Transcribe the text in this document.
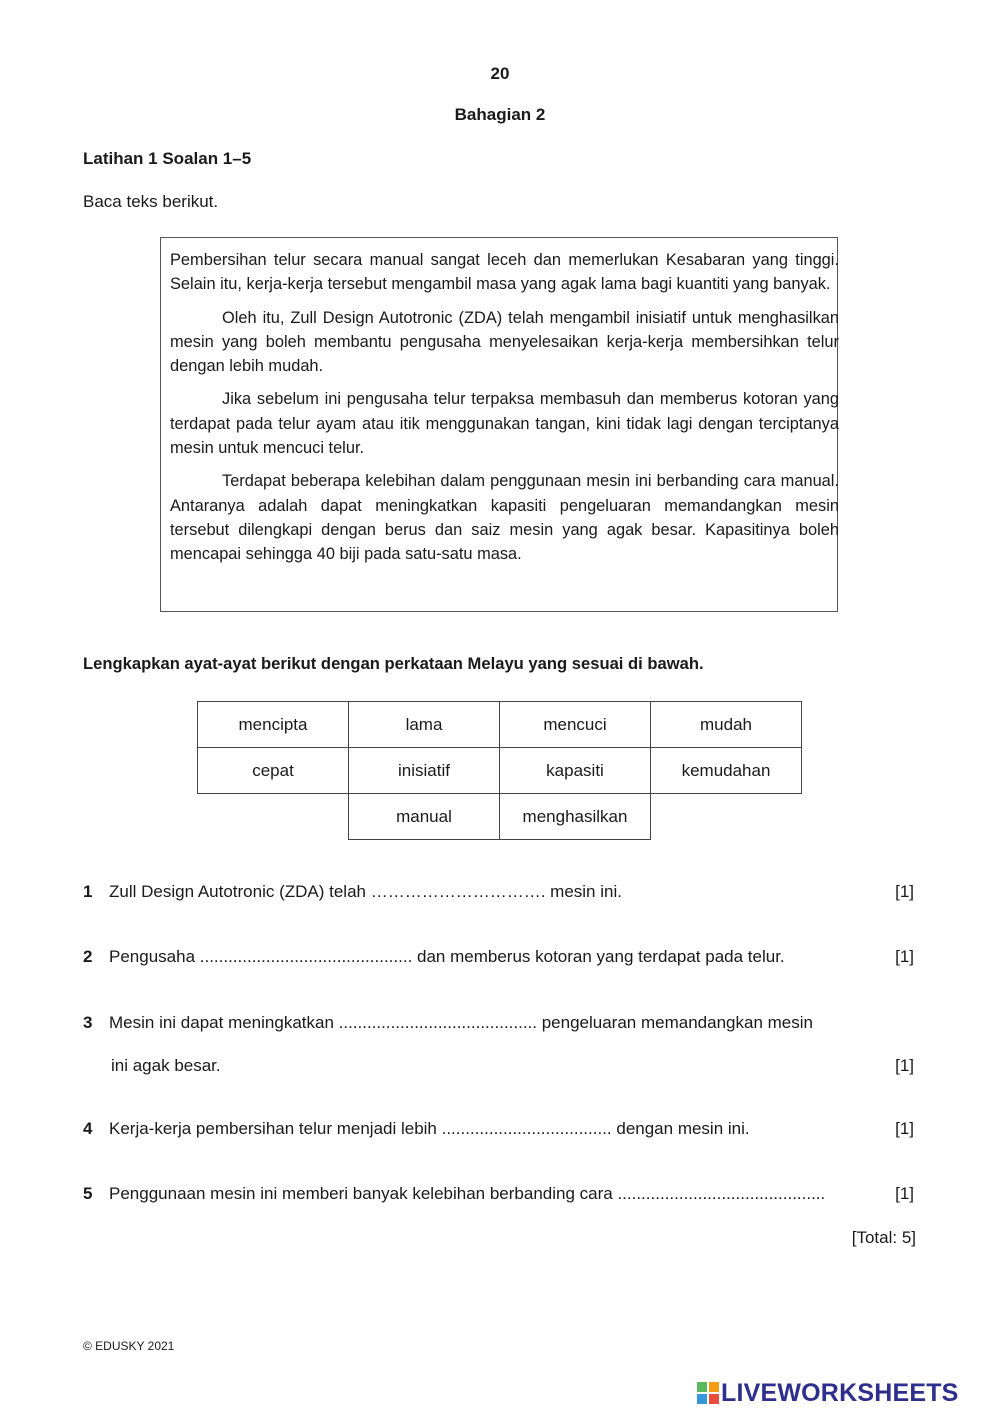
20
Bahagian 2
Latihan 1 Soalan 1–5
Baca teks berikut.

Pembersihan telur secara manual sangat leceh dan memerlukan Kesabaran yang tinggi. Selain itu, kerja-kerja tersebut mengambil masa yang agak lama bagi kuantiti yang banyak.

Oleh itu, Zull Design Autotronic (ZDA) telah mengambil inisiatif untuk menghasilkan mesin yang boleh membantu pengusaha menyelesaikan kerja-kerja membersihkan telur dengan lebih mudah.

Jika sebelum ini pengusaha telur terpaksa membasuh dan memberus kotoran yang terdapat pada telur ayam atau itik menggunakan tangan, kini tidak lagi dengan terciptanya mesin untuk mencuci telur.

Terdapat beberapa kelebihan dalam penggunaan mesin ini berbanding cara manual. Antaranya adalah dapat meningkatkan kapasiti pengeluaran memandangkan mesin tersebut dilengkapi dengan berus dan saiz mesin yang agak besar. Kapasitinya boleh mencapai sehingga 40 biji pada satu-satu masa.

Lengkapkan ayat-ayat berikut dengan perkataan Melayu yang sesuai di bawah.
mencipta	lama	mencuci	mudah
cepat	inisiatif	kapasiti	kemudahan
	manual	menghasilkan	
1 Zull Design Autotronic (ZDA) telah …………………………. mesin ini.	[1]
2 Pengusaha ............................................. dan memberus kotoran yang terdapat pada telur.	[1]
3 Mesin ini dapat meningkatkan .......................................... pengeluaran memandangkan mesin
ini agak besar.	[1]
4 Kerja-kerja pembersihan telur menjadi lebih .................................... dengan mesin ini.	[1]
5 Penggunaan mesin ini memberi banyak kelebihan berbanding cara ............................................	[1]
[Total: 5]
© EDUSKY 2021
LIVEWORKSHEETS
